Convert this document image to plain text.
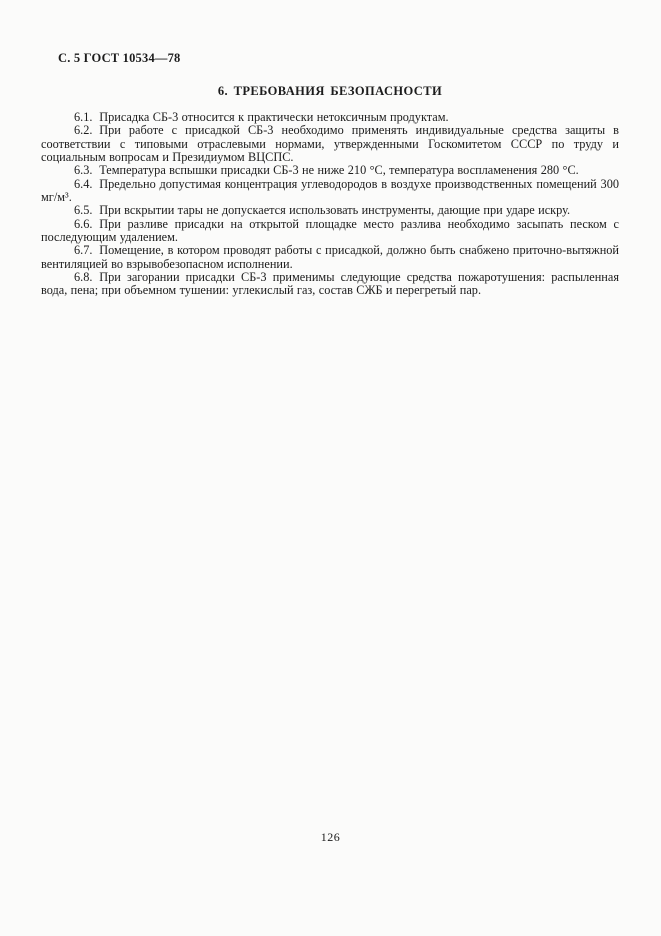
С. 5 ГОСТ 10534—78
6. ТРЕБОВАНИЯ БЕЗОПАСНОСТИ

6.1. Присадка СБ-3 относится к практически нетоксичным продуктам.

6.2. При работе с присадкой СБ-3 необходимо применять индивидуальные средства защиты в соответствии с типовыми отраслевыми нормами, утвержденными Госкомитетом СССР по труду и социальным вопросам и Президиумом ВЦСПС.

6.3. Температура вспышки присадки СБ-3 не ниже 210 °С, температура воспламенения 280 °С.

6.4. Предельно допустимая концентрация углеводородов в воздухе производственных помещений 300 мг/м³.

6.5. При вскрытии тары не допускается использовать инструменты, дающие при ударе искру.

6.6. При разливе присадки на открытой площадке место разлива необходимо засыпать песком с последующим удалением.

6.7. Помещение, в котором проводят работы с присадкой, должно быть снабжено приточно-вытяжной вентиляцией во взрывобезопасном исполнении.

6.8. При загорании присадки СБ-3 применимы следующие средства пожаротушения: распыленная вода, пена; при объемном тушении: углекислый газ, состав СЖБ и перегретый пар.

126
